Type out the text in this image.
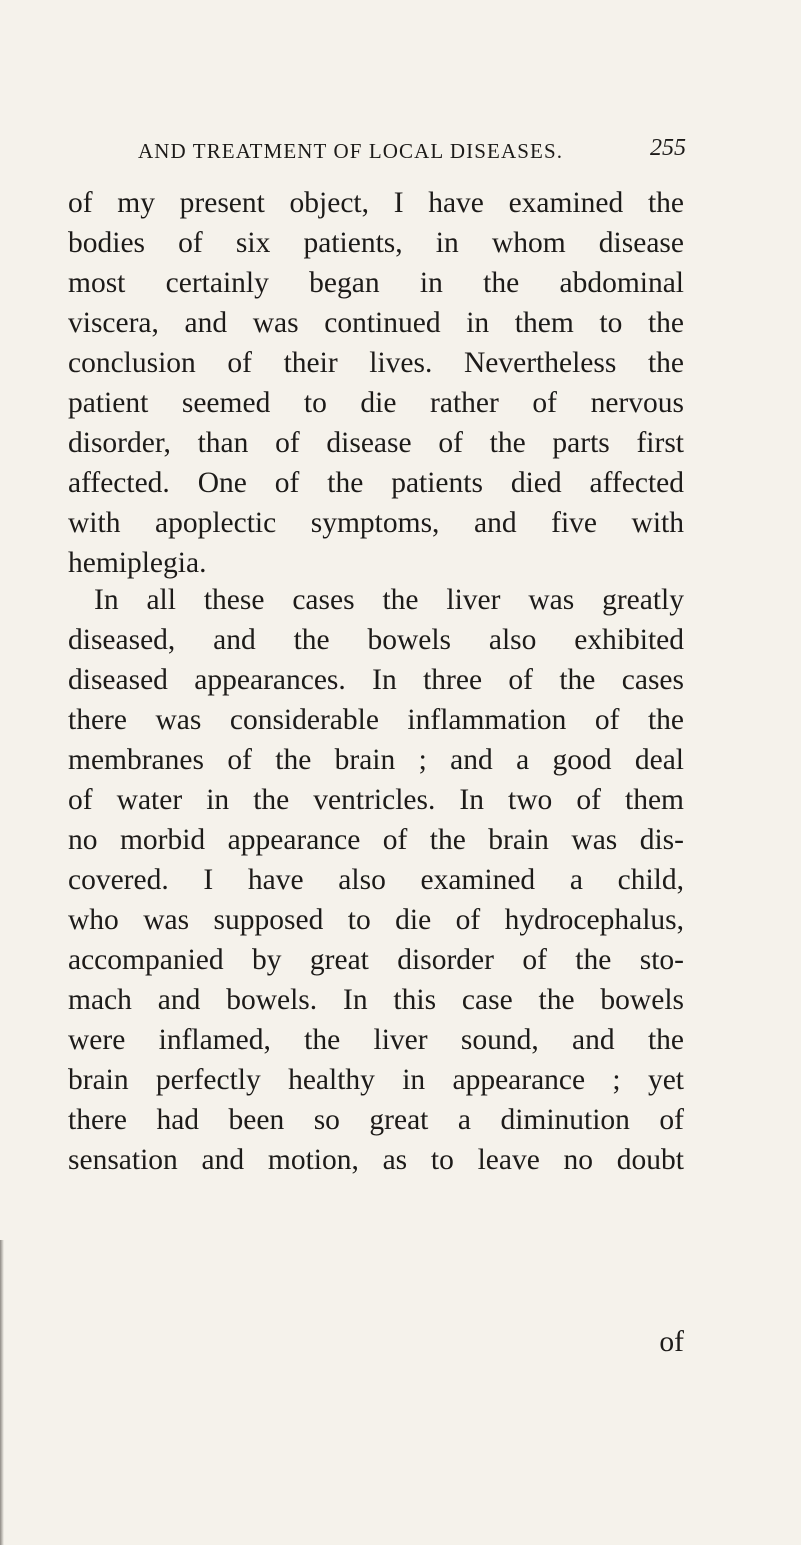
AND TREATMENT OF LOCAL DISEASES.	255
of my present object, I have examined the
bodies of six patients, in whom disease
most certainly began in the abdominal
viscera, and was continued in them to the
conclusion of their lives. Nevertheless the
patient seemed to die rather of nervous
disorder, than of disease of the parts first
affected. One of the patients died affected
with apoplectic symptoms, and five with
hemiplegia.
In all these cases the liver was greatly
diseased, and the bowels also exhibited
diseased appearances. In three of the cases
there was considerable inflammation of the
membranes of the brain ; and a good deal
of water in the ventricles. In two of them
no morbid appearance of the brain was dis-
covered. I have also examined a child,
who was supposed to die of hydrocephalus,
accompanied by great disorder of the sto-
mach and bowels. In this case the bowels
were inflamed, the liver sound, and the
brain perfectly healthy in appearance ; yet
there had been so great a diminution of
sensation and motion, as to leave no doubt
of
